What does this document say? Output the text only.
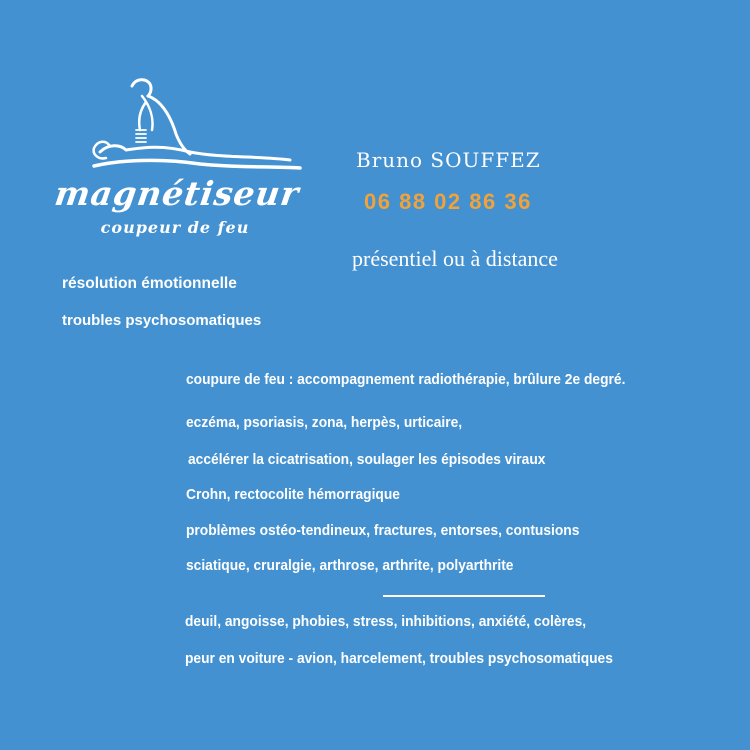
magnétiseur
coupeur de feu
résolution émotionnelle
troubles psychosomatiques
Bruno SOUFFEZ
06 88 02 86 36
présentiel ou à distance
coupure de feu : accompagnement radiothérapie, brûlure 2e degré.
eczéma, psoriasis, zona, herpès, urticaire,
accélérer la cicatrisation, soulager les épisodes viraux
Crohn, rectocolite hémorragique
problèmes ostéo-tendineux, fractures, entorses, contusions
sciatique, cruralgie, arthrose, arthrite, polyarthrite
deuil, angoisse, phobies, stress, inhibitions, anxiété, colères,
peur en voiture - avion, harcelement, troubles psychosomatiques
